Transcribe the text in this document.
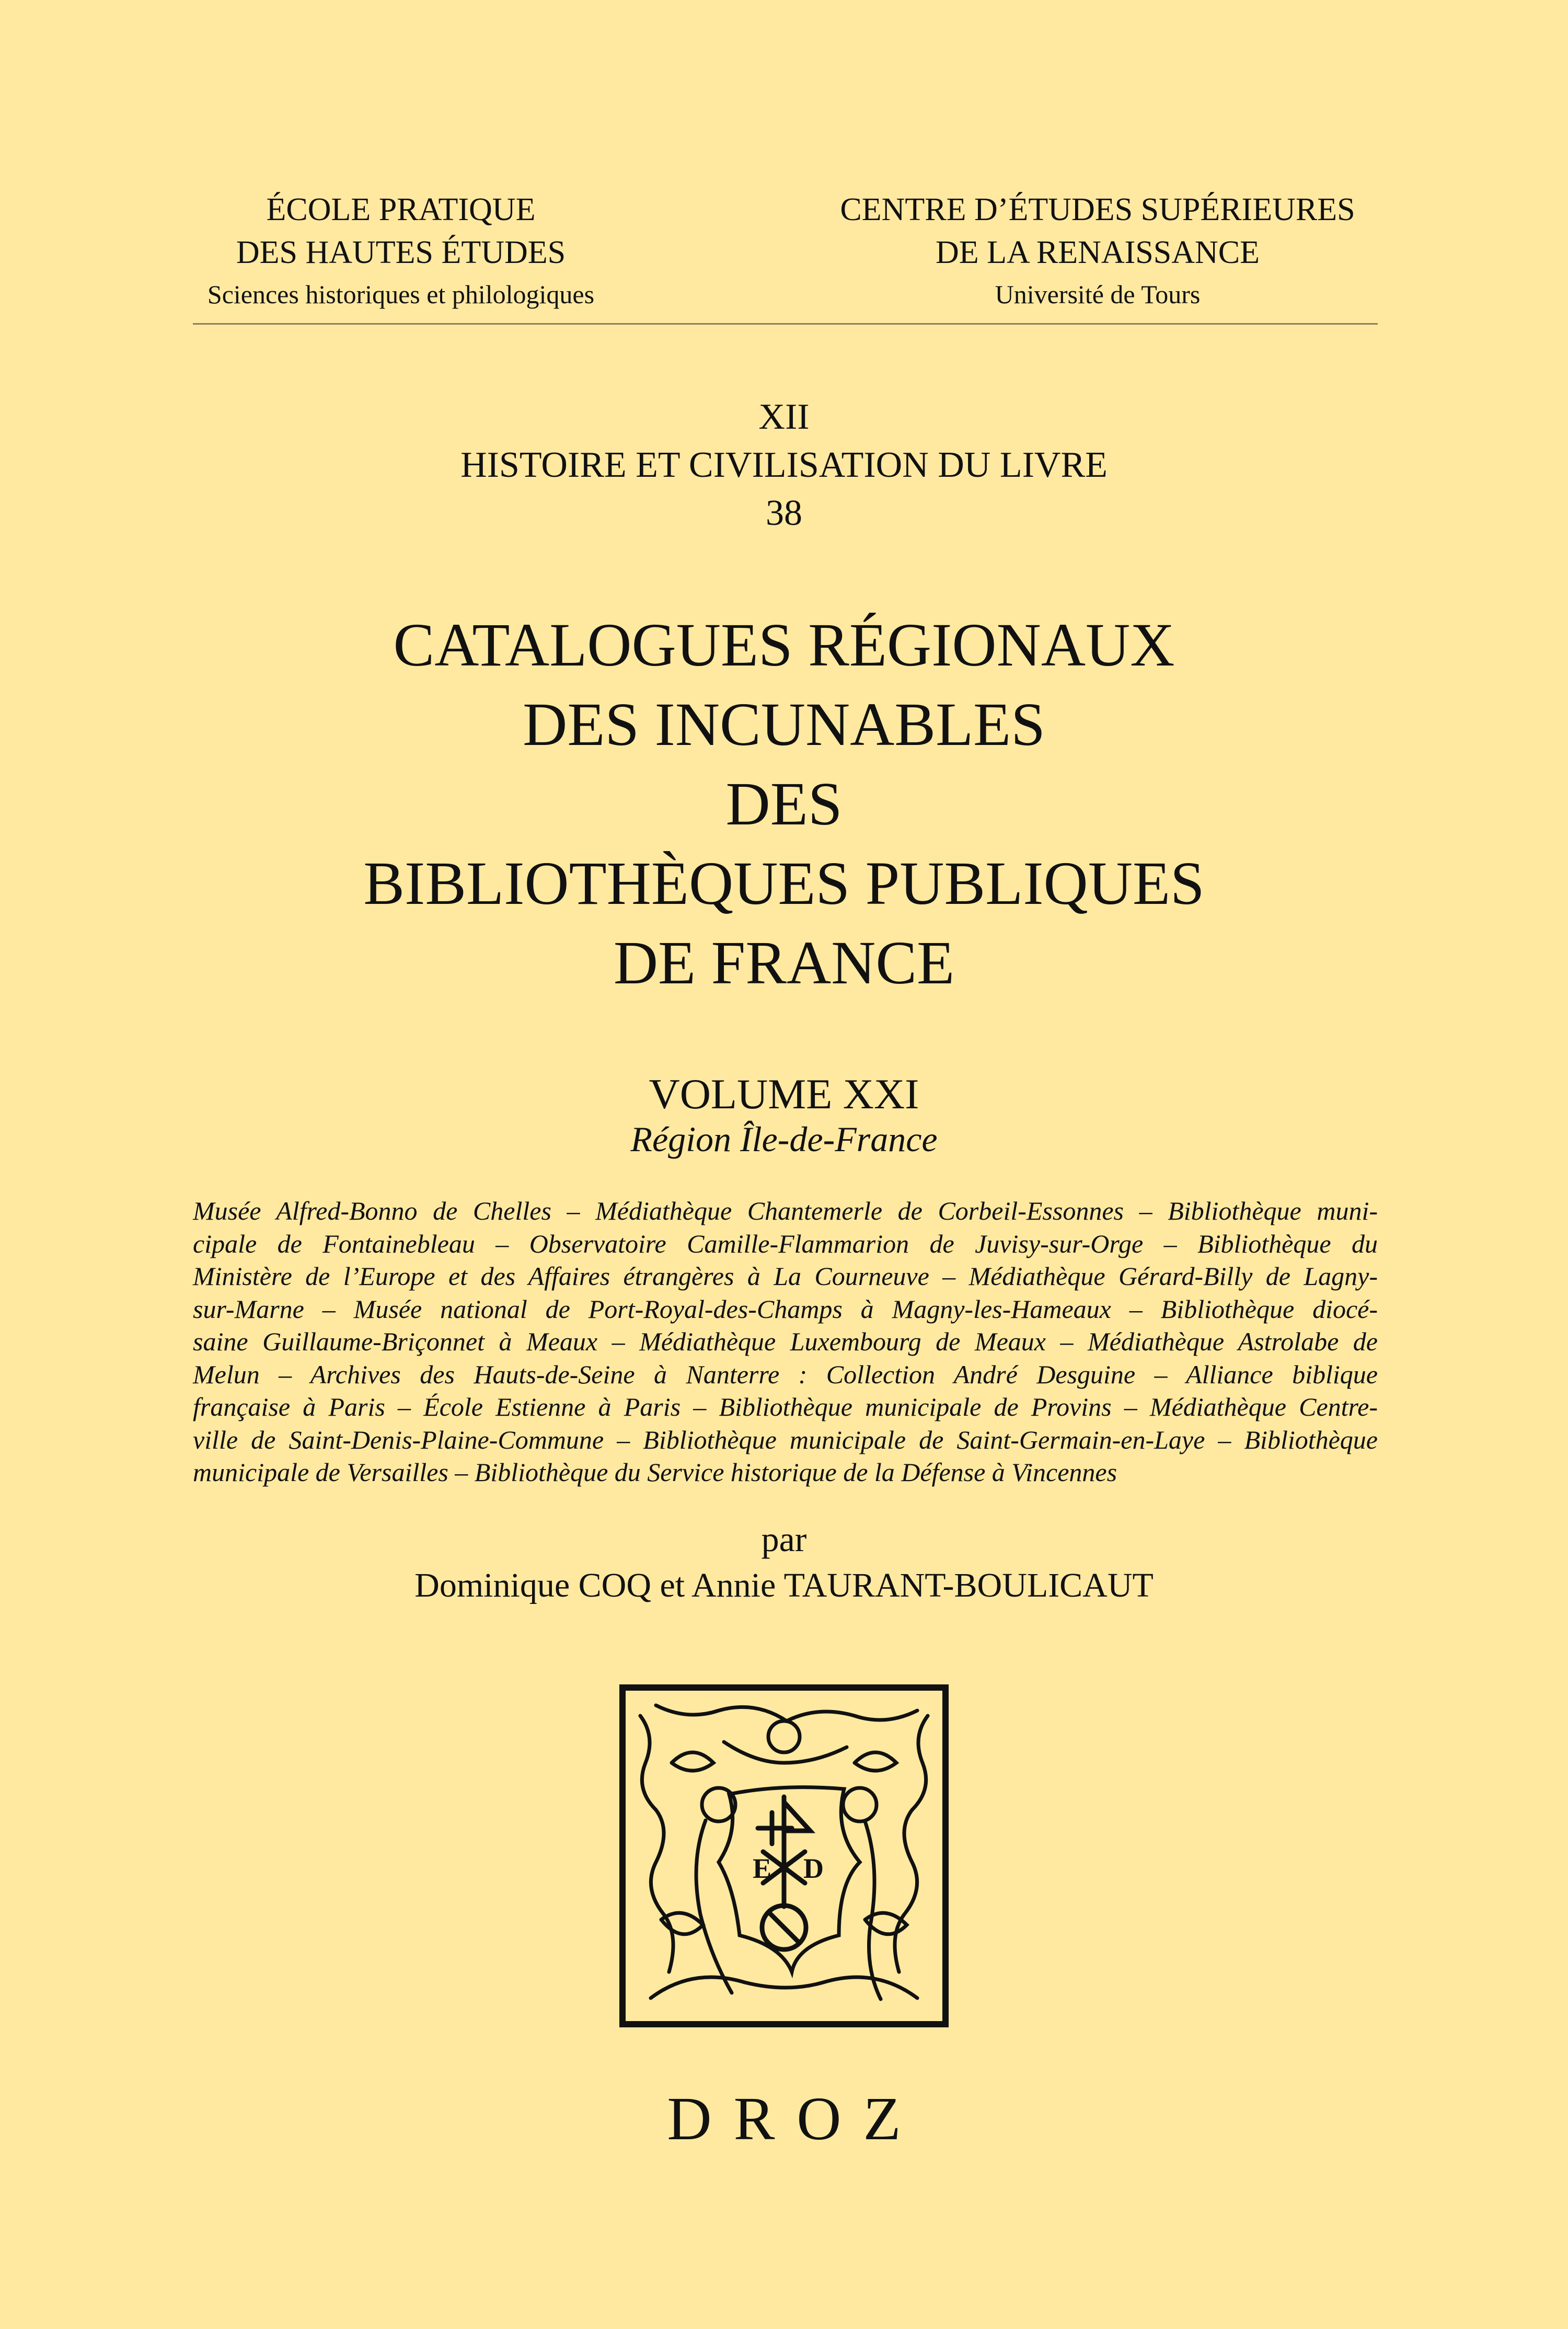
ÉCOLE PRATIQUE
DES HAUTES ÉTUDES
Sciences historiques et philologiques
CENTRE D’ÉTUDES SUPÉRIEURES
DE LA RENAISSANCE
Université de Tours
XII
HISTOIRE ET CIVILISATION DU LIVRE
38
CATALOGUES RÉGIONAUX
DES INCUNABLES
DES
BIBLIOTHÈQUES PUBLIQUES
DE FRANCE
VOLUME XXI
Région Île-de-France
Musée Alfred-Bonno de Chelles – Médiathèque Chantemerle de Corbeil-Essonnes – Bibliothèque muni-
cipale de Fontainebleau – Observatoire Camille-Flammarion de Juvisy-sur-Orge – Bibliothèque du
Ministère de l’Europe et des Affaires étrangères à La Courneuve – Médiathèque Gérard-Billy de Lagny-
sur-Marne – Musée national de Port-Royal-des-Champs à Magny-les-Hameaux – Bibliothèque diocé-
saine Guillaume-Briçonnet à Meaux – Médiathèque Luxembourg de Meaux – Médiathèque Astrolabe de
Melun – Archives des Hauts-de-Seine à Nanterre : Collection André Desguine – Alliance biblique
française à Paris – École Estienne à Paris – Bibliothèque municipale de Provins – Médiathèque Centre-
ville de Saint-Denis-Plaine-Commune – Bibliothèque municipale de Saint-Germain-en-Laye – Bibliothèque
municipale de Versailles – Bibliothèque du Service historique de la Défense à Vincennes
par
Dominique COQ et Annie TAURANT-BOULICAUT
E D
DROZ
